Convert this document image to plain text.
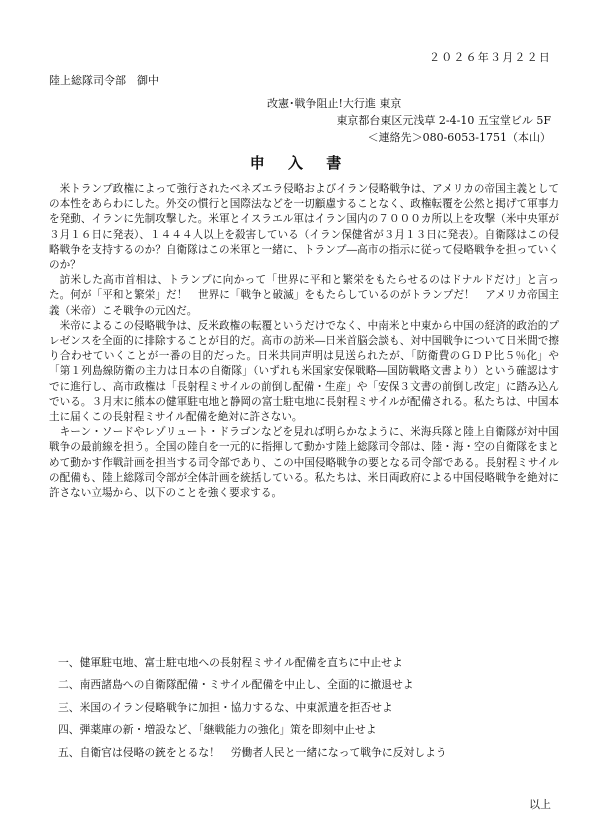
２０２６年３月２２日
陸上総隊司令部　御中
改憲･戦争阻止!大行進 東京
東京都台東区元浅草 2-4-10 五宝堂ビル 5F
＜連絡先＞080-6053-1751（本山）
申 入 書

米トランプ政権によって強行されたベネズエラ侵略およびイラン侵略戦争は、アメリカの帝国主義としての本性をあらわにした。外交の慣行と国際法などを一切顧慮することなく、政権転覆を公然と掲げて軍事力を発動、イランに先制攻撃した。米軍とイスラエル軍はイラン国内の７０００カ所以上を攻撃（米中央軍が３月１６日に発表）、１４４４人以上を殺害している（イラン保健省が３月１３日に発表）。自衛隊はこの侵略戦争を支持するのか？自衛隊はこの米軍と一緒に、トランプ―高市の指示に従って侵略戦争を担っていくのか？

訪米した高市首相は、トランプに向かって「世界に平和と繁栄をもたらせるのはドナルドだけ」と言った。何が「平和と繁栄」だ！　世界に「戦争と破滅」をもたらしているのがトランプだ！　アメリカ帝国主義（米帝）こそ戦争の元凶だ。

米帝によるこの侵略戦争は、反米政権の転覆というだけでなく、中南米と中東から中国の経済的政治的プレゼンスを全面的に排除することが目的だ。高市の訪米―日米首脳会談も、対中国戦争について日米間で擦り合わせていくことが一番の目的だった。日米共同声明は見送られたが、「防衛費のＧＤＰ比５％化」や「第１列島線防衛の主力は日本の自衛隊」（いずれも米国家安保戦略―国防戦略文書より）という確認はすでに進行し、高市政権は「長射程ミサイルの前倒し配備・生産」や「安保３文書の前倒し改定」に踏み込んでいる。３月末に熊本の健軍駐屯地と静岡の富士駐屯地に長射程ミサイルが配備される。私たちは、中国本土に届くこの長射程ミサイル配備を絶対に許さない。

キーン・ソードやレゾリュート・ドラゴンなどを見れば明らかなように、米海兵隊と陸上自衛隊が対中国戦争の最前線を担う。全国の陸自を一元的に指揮して動かす陸上総隊司令部は、陸・海・空の自衛隊をまとめて動かす作戦計画を担当する司令部であり、この中国侵略戦争の要となる司令部である。長射程ミサイルの配備も、陸上総隊司令部が全体計画を統括している。私たちは、米日両政府による中国侵略戦争を絶対に許さない立場から、以下のことを強く要求する。

一、健軍駐屯地、富士駐屯地への長射程ミサイル配備を直ちに中止せよ
二、南西諸島への自衛隊配備・ミサイル配備を中止し、全面的に撤退せよ
三、米国のイラン侵略戦争に加担・協力するな、中東派遣を拒否せよ
四、弾薬庫の新・増設など、「継戦能力の強化」策を即刻中止せよ
五、自衛官は侵略の銃をとるな！　労働者人民と一緒になって戦争に反対しよう
以上
